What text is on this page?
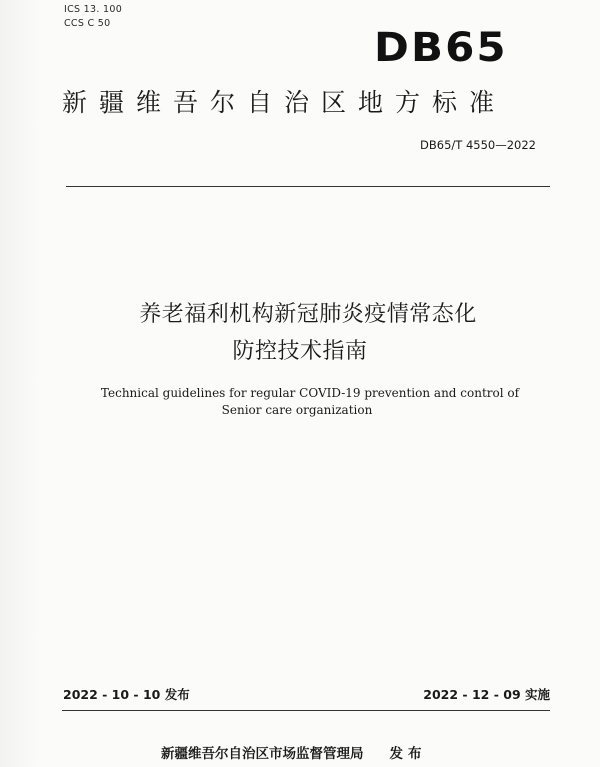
ICS 13. 100
CCS C 50
DB65
新疆维吾尔自治区地方标准
DB65/T 4550—2022
养老福利机构新冠肺炎疫情常态化
防控技术指南
Technical guidelines for regular COVID-19 prevention and control of
Senior care organization
2022 - 10 - 10 发布	2022 - 12 - 09 实施
新疆维吾尔自治区市场监督管理局 发布
